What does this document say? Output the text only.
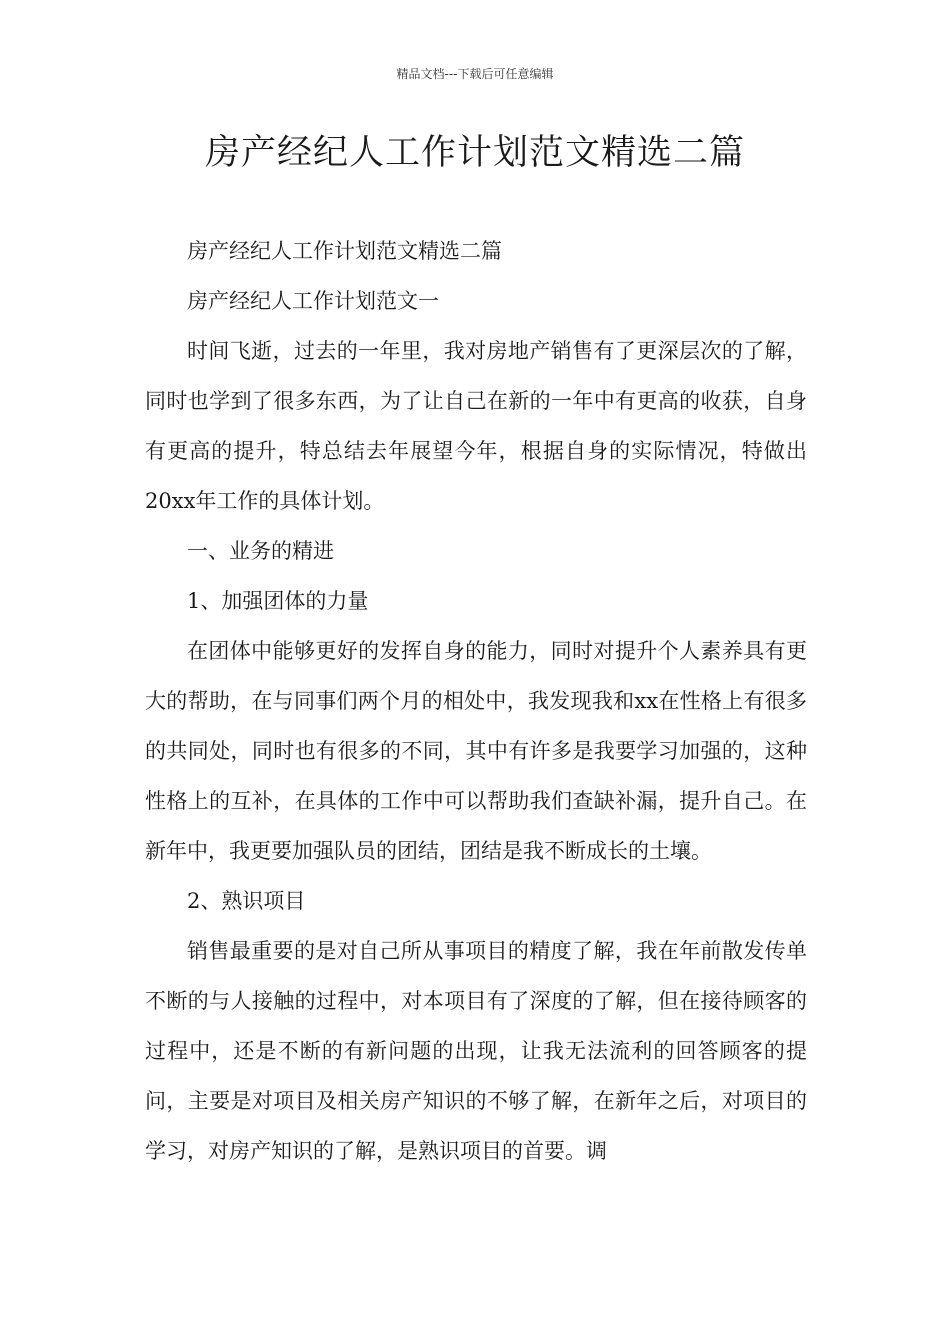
精品文档---下载后可任意编辑
房产经纪人工作计划范文精选二篇

房产经纪人工作计划范文精选二篇

房产经纪人工作计划范文一

时间飞逝，过去的一年里，我对房地产销售有了更深层次的了解，同时也学到了很多东西，为了让自己在新的一年中有更高的收获，自身有更高的提升，特总结去年展望今年，根据自身的实际情况，特做出20xx年工作的具体计划。

一、业务的精进

1、加强团体的力量

在团体中能够更好的发挥自身的能力，同时对提升个人素养具有更大的帮助，在与同事们两个月的相处中，我发现我和xx在性格上有很多的共同处，同时也有很多的不同，其中有许多是我要学习加强的，这种性格上的互补，在具体的工作中可以帮助我们查缺补漏，提升自己。在新年中，我更要加强队员的团结，团结是我不断成长的土壤。

2、熟识项目

销售最重要的是对自己所从事项目的精度了解，我在年前散发传单不断的与人接触的过程中，对本项目有了深度的了解，但在接待顾客的过程中，还是不断的有新问题的出现，让我无法流利的回答顾客的提问，主要是对项目及相关房产知识的不够了解，在新年之后，对项目的学习，对房产知识的了解，是熟识项目的首要。调
